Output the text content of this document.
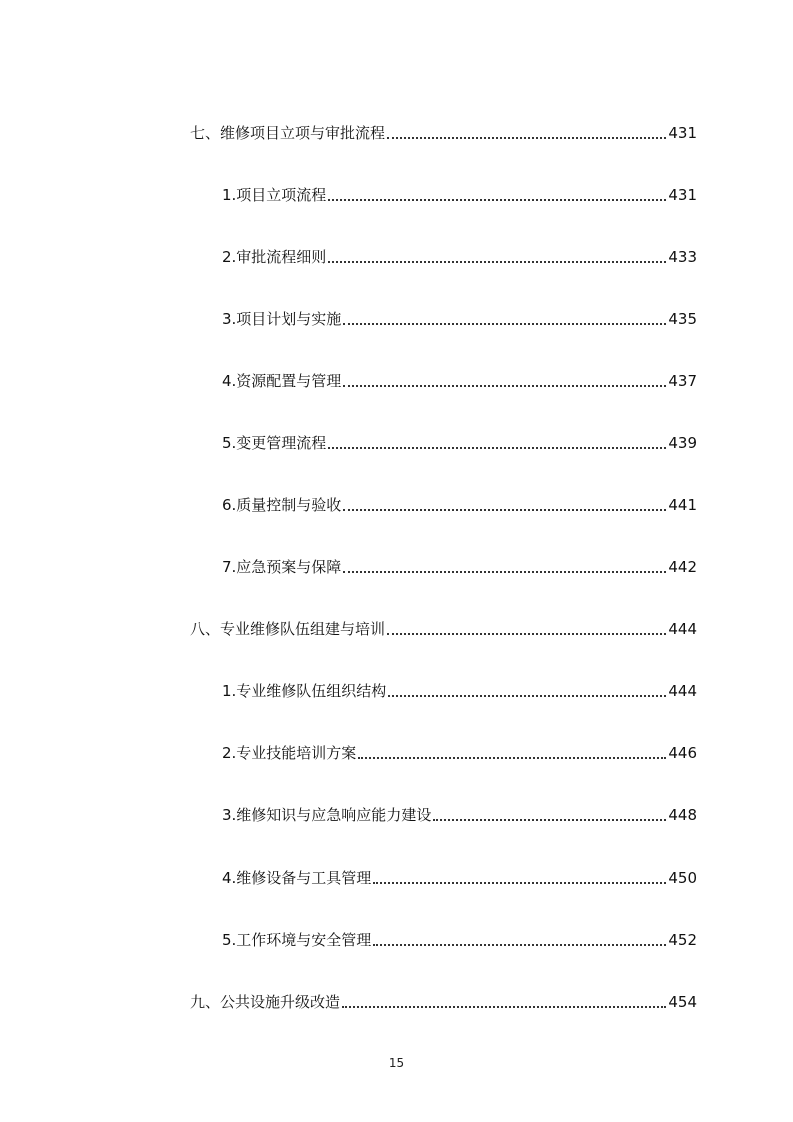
七、维修项目立项与审批流程	431
1.项目立项流程	431
2.审批流程细则	433
3.项目计划与实施	435
4.资源配置与管理	437
5.变更管理流程	439
6.质量控制与验收	441
7.应急预案与保障	442
八、专业维修队伍组建与培训	444
1.专业维修队伍组织结构	444
2.专业技能培训方案	446
3.维修知识与应急响应能力建设	448
4.维修设备与工具管理	450
5.工作环境与安全管理	452
九、公共设施升级改造	454
15
